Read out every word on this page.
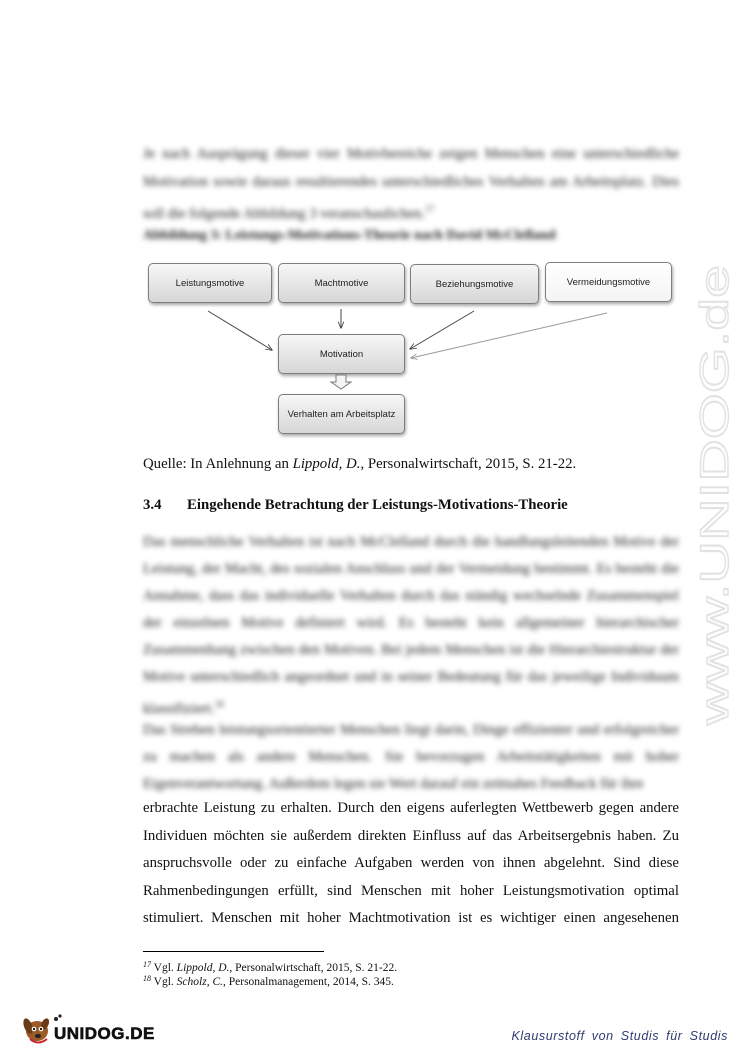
Je nach Ausprägung dieser vier Motivbereiche zeigen Menschen eine unterschiedliche Motivation sowie daraus resultierendes unterschiedliches Verhalten am Arbeitsplatz. Dies soll die folgende Abbildung 3 veranschaulichen.$^{17}$
Abbildung 3: Leistungs-Motivations-Theorie nach David McClelland
Leistungsmotive	Machtmotive	Beziehungsmotive	Vermeidungsmotive
Motivation
Verhalten am Arbeitsplatz
Quelle: In Anlehnung an Lippold, D., Personalwirtschaft, 2015, S. 21-22.
3.4 Eingehende Betrachtung der Leistungs-Motivations-Theorie
Das menschliche Verhalten ist nach McClelland durch die handlungsleitenden Motive der Leistung, der Macht, des sozialen Anschluss und der Vermeidung bestimmt. Es besteht die Annahme, dass das individuelle Verhalten durch das ständig wechselnde Zusammenspiel der einzelnen Motive definiert wird. Es besteht kein allgemeiner hierarchischer Zusammenhang zwischen den Motiven. Bei jedem Menschen ist die Hierarchiestruktur der Motive unterschiedlich angeordnet und in seiner Bedeutung für das jeweilige Individuum klassifiziert.$^{18}$
Das Streben leistungsorientierter Menschen liegt darin, Dinge effizienter und erfolgreicher zu machen als andere Menschen. Sie bevorzugen Arbeitstätigkeiten mit hoher Eigenverantwortung. Außerdem legen sie Wert darauf ein zeitnahes Feedback für ihre
erbrachte Leistung zu erhalten. Durch den eigens auferlegten Wettbewerb gegen andere
Individuen möchten sie außerdem direkten Einfluss auf das Arbeitsergebnis haben. Zu
anspruchsvolle oder zu einfache Aufgaben werden von ihnen abgelehnt. Sind diese
Rahmenbedingungen erfüllt, sind Menschen mit hoher Leistungsmotivation optimal
stimuliert. Menschen mit hoher Machtmotivation ist es wichtiger einen angesehenen
$^{17}$ Vgl. Lippold, D., Personalwirtschaft, 2015, S. 21-22.
$^{18}$ Vgl. Scholz, C., Personalmanagement, 2014, S. 345.
www.UNIDOG.de
UNIDOG.DE	Klausurstoff von Studis für Studis
